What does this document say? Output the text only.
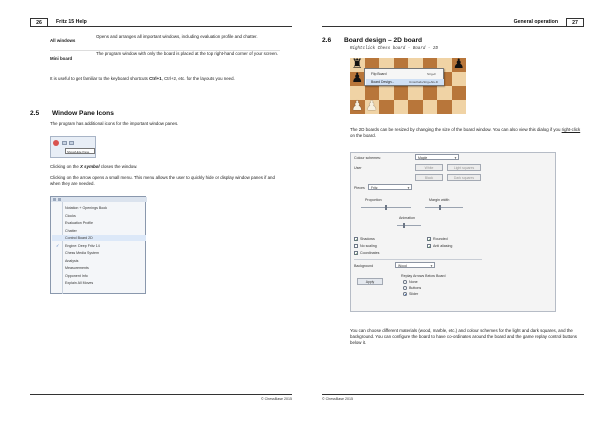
26	Fritz 15 Help
All windows
Opens and arranges all important windows, including evaluation profile and chatter.
Mini board
The program window with only the board is placed at the top right-hand corner of your screen.
It is useful to get familiar to the keyboard shortcuts Ctrl+1, Ctrl+2, etc. for the layouts you need.
2.5 Window Pane Icons
The program has additional icons for the important window panes.
Show/Hide Pane
Clicking on the X symbol closes the window.
Clicking on the arrow opens a small menu. This menu allows the user to quickly hide or display window panes if and when they are needed.
Notation + Openings Book
Clocks
Evaluation Profile
Chatter
Control Board 2D
✓ Engine: Deep Fritz 14
Chess Media System
Analysis
Measurements
Opponent Info
Explain All Moves
© ChessBase 2015
General operation	27
2.6 Board design – 2D board
Rightclick Chess board - Board - 2D
♜
♟
♟
♟ ♟
Flip Board	Strg+F
Board Design...	Umschalt+Strg+Alt+D
The 2D boards can be resized by changing the size of the board window. You can also view this dialog if you right-click on the board.
Colour schemes:	Maple	▼
User	White	Light squares
Black	Dark squares
Pieces	Fritz	▼
Proportion	Margin width
Animation
✓ Shadows	✓ Rounded
No scaling	✓ Anti aliasing
✓ Coordinates
Background	Wood	▼
Apply
Replay Arrows Below Board
None
Buttons
Slider
You can choose different materials (wood, marble, etc.) and colour schemes for the light and dark squares, and the background. You can configure the board to have co-ordinates around the board and the game replay control buttons below it.
© ChessBase 2015
